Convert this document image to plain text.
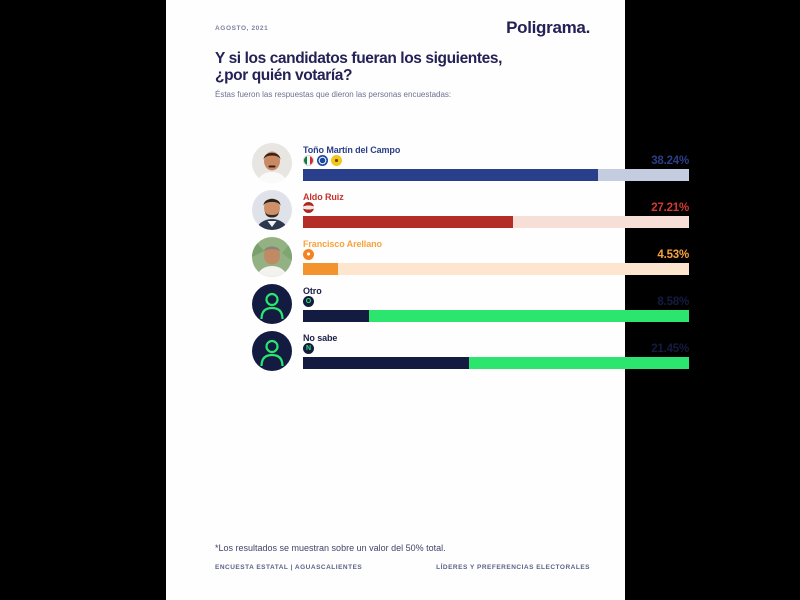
AGOSTO, 2021	Poligrama.
Y si los candidatos fueran los siguientes,
¿por quién votaría?
Éstas fueron las respuestas que dieron las personas encuestadas:
Toño Martín del Campo
38.24%
Aldo Ruiz
27.21%
Francisco Arellano
4.53%
Otro
O	8.58%
No sabe
N	21.45%
*Los resultados se muestran sobre un valor del 50% total.
ENCUESTA ESTATAL | AGUASCALIENTES	LÍDERES Y PREFERENCIAS ELECTORALES
